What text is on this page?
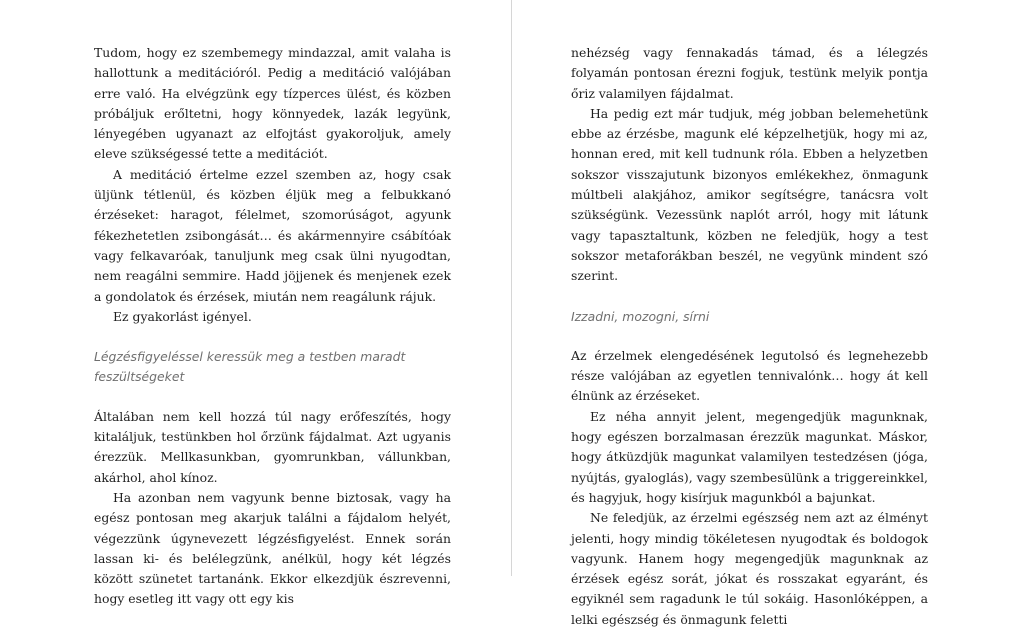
Tudom, hogy ez szembemegy mindazzal, amit valaha is hallottunk a meditációról. Pedig a meditáció valójában erre való. Ha elvégzünk egy tízperces ülést, és közben próbáljuk erőltetni, hogy könnyedek, lazák legyünk, lényegében ugyanazt az elfojtást gyakoroljuk, amely eleve szükségessé tette a meditációt.

A meditáció értelme ezzel szemben az, hogy csak üljünk tétlenül, és közben éljük meg a felbukkanó érzéseket: haragot, félelmet, szomorúságot, agyunk fékezhetetlen zsibongását… és akármennyire csábítóak vagy felkavaróak, tanuljunk meg csak ülni nyugodtan, nem reagálni semmire. Hadd jöjjenek és menjenek ezek a gondolatok és érzések, miután nem reagálunk rájuk.

Ez gyakorlást igényel.

Légzésfigyeléssel keressük meg a testben maradt feszültségeket

Általában nem kell hozzá túl nagy erőfeszítés, hogy kitaláljuk, testünkben hol őrzünk fájdalmat. Azt ugyanis érezzük. Mellkasunkban, gyomrunkban, vállunkban, akárhol, ahol kínoz.

Ha azonban nem vagyunk benne biztosak, vagy ha egész pontosan meg akarjuk találni a fájdalom helyét, végezzünk úgynevezett légzésfigyelést. Ennek során lassan ki- és belélegzünk, anélkül, hogy két légzés között szünetet tartanánk. Ekkor elkezdjük észrevenni, hogy esetleg itt vagy ott egy kis

nehézség vagy fennakadás támad, és a lélegzés folyamán pontosan érezni fogjuk, testünk melyik pontja őriz valamilyen fájdalmat.

Ha pedig ezt már tudjuk, még jobban belemehetünk ebbe az érzésbe, magunk elé képzelhetjük, hogy mi az, honnan ered, mit kell tudnunk róla. Ebben a helyzetben sokszor visszajutunk bizonyos emlékekhez, önmagunk múltbeli alakjához, amikor segítségre, tanácsra volt szükségünk. Vezessünk naplót arról, hogy mit látunk vagy tapasztaltunk, közben ne feledjük, hogy a test sokszor metaforákban beszél, ne vegyünk mindent szó szerint.

Izzadni, mozogni, sírni

Az érzelmek elengedésének legutolsó és legnehezebb része valójában az egyetlen tennivalónk… hogy át kell élnünk az érzéseket.

Ez néha annyit jelent, megengedjük magunknak, hogy egészen borzalmasan érezzük magunkat. Máskor, hogy átküzdjük magunkat valamilyen testedzésen (jóga, nyújtás, gyaloglás), vagy szembesülünk a triggereinkkel, és hagyjuk, hogy kisírjuk magunkból a bajunkat.

Ne feledjük, az érzelmi egészség nem azt az élményt jelenti, hogy mindig tökéletesen nyugodtak és boldogok vagyunk. Hanem hogy megengedjük magunknak az érzések egész sorát, jókat és rosszakat egyaránt, és egyiknél sem ragadunk le túl sokáig. Hasonlóképpen, a lelki egészség és önmagunk feletti
